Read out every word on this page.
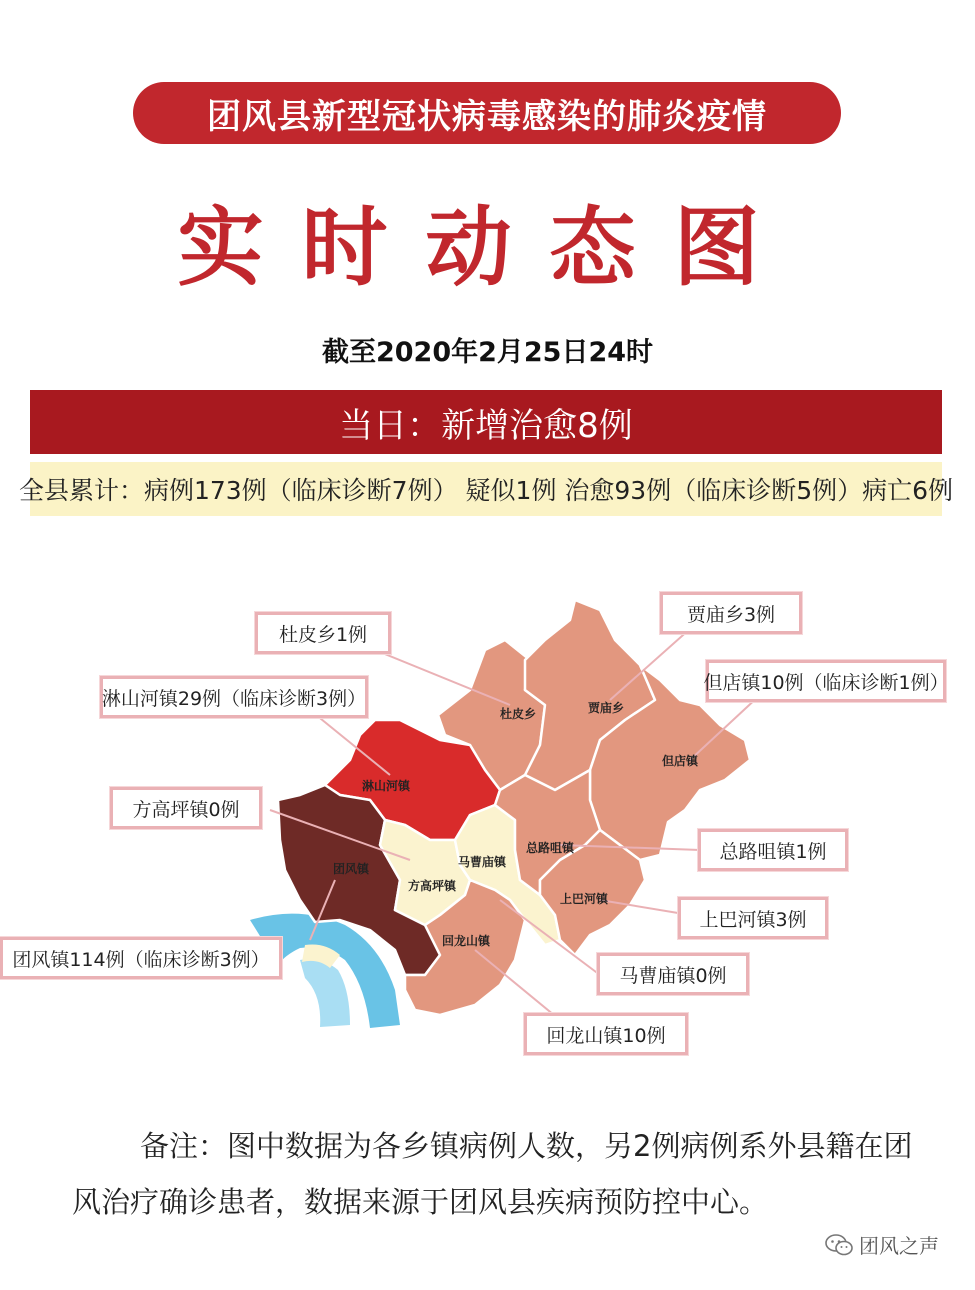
团风县新型冠状病毒感染的肺炎疫情
实时动态图
截至2020年2月25日24时
当日：新增治愈8例
全县累计：病例173例（临床诊断7例） 疑似1例 治愈93例（临床诊断5例）病亡6例
杜皮乡	贾庙乡
但店镇
淋山河镇
团风镇
方高坪镇
马曹庙镇
总路咀镇
上巴河镇
回龙山镇
杜皮乡1例
贾庙乡3例
但店镇10例（临床诊断1例）
淋山河镇29例（临床诊断3例）
方高坪镇0例
总路咀镇1例
团风镇114例（临床诊断3例）
上巴河镇3例
马曹庙镇0例
回龙山镇10例
备注：图中数据为各乡镇病例人数，另2例病例系外县籍在团风治疗确诊患者，数据来源于团风县疾病预防控中心。
团风之声
